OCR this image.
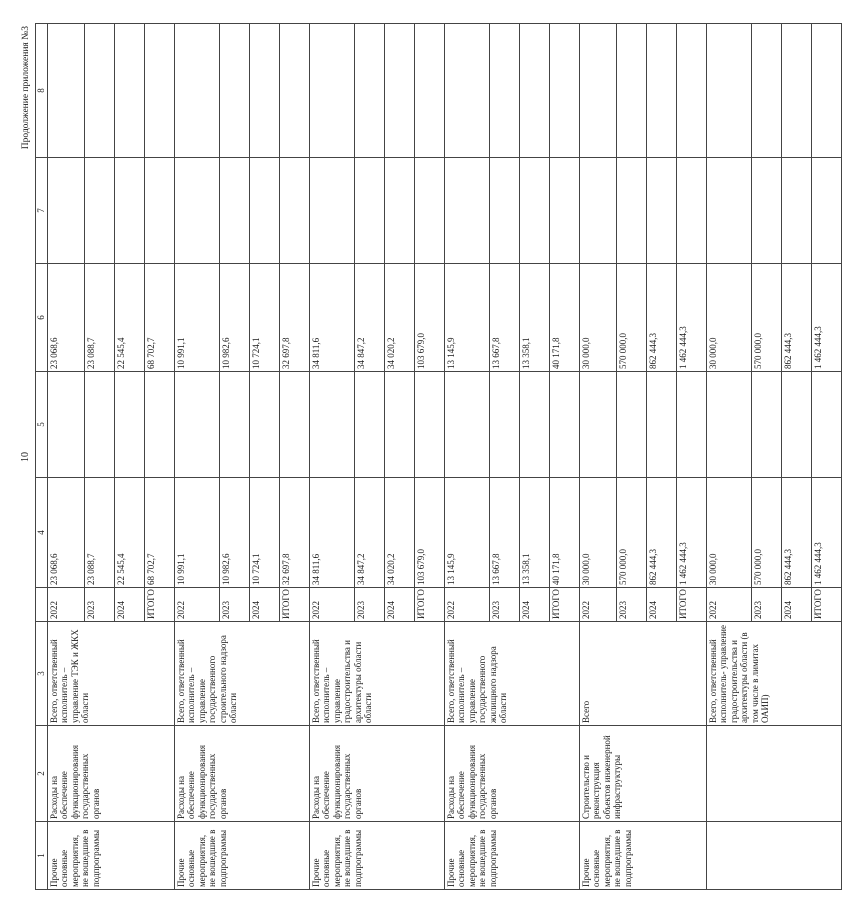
10
Продолжение приложения №3
1	2	3		4	5	6	7	8
Прочие основные мероприятия, не вошедшие в подпрограммы	Расходы на обеспечение функционирования государственных органов	Всего, ответственный исполнитель – управление ТЭК и ЖКХ области	2022	23 068,6		23 068,6		
			2023	23 088,7		23 088,7		
			2024	22 545,4		22 545,4		
			ИТОГО	68 702,7		68 702,7		
Прочие основные мероприятия, не вошедшие в подпрограммы	Расходы на обеспечение функционирования государственных органов	Всего, ответственный исполнитель – управление государственного строительного надзора области	2022	10 991,1		10 991,1		
			2023	10 982,6		10 982,6		
			2024	10 724,1		10 724,1		
			ИТОГО	32 697,8		32 697,8		
Прочие основные мероприятия, не вошедшие в подпрограммы	Расходы на обеспечение функционирования государственных органов	Всего, ответственный исполнитель – управление градостроительства и архитектуры области области	2022	34 811,6		34 811,6		
			2023	34 847,2		34 847,2		
			2024	34 020,2		34 020,2		
			ИТОГО	103 679,0		103 679,0		
Прочие основные мероприятия, не вошедшие в подпрограммы	Расходы на обеспечение функционирования государственных органов	Всего, ответственный исполнитель – управление государственного жилищного надзора области	2022	13 145,9		13 145,9		
			2023	13 667,8		13 667,8		
			2024	13 358,1		13 358,1		
			ИТОГО	40 171,8		40 171,8		
Прочие основные мероприятия, не вошедшие в подпрограммы	Строительство и реконструкция объектов инженерной инфраструктуры	Всего	2022	30 000,0		30 000,0		
			2023	570 000,0		570 000,0		
			2024	862 444,3		862 444,3		
			ИТОГО	1 462 444,3		1 462 444,3		
		Всего, ответственный исполнитель- управление градостроительства и архитектуры области (в том числе в лимитах ОАИП)	2022	30 000,0		30 000,0		
			2023	570 000,0		570 000,0		
			2024	862 444,3		862 444,3		
			ИТОГО	1 462 444,3		1 462 444,3		
